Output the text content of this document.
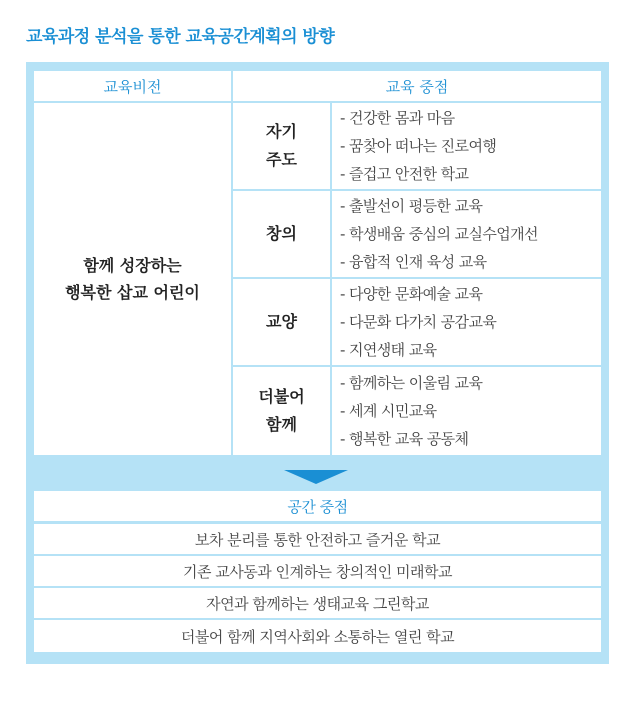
교육과정 분석을 통한 교육공간계획의 방향
교육비전	교육 중점
함께 성장하는
행복한 삽교 어린이
자기
주도
- 건강한 몸과 마음
- 꿈찾아 떠나는 진로여행
- 즐겁고 안전한 학교
창의
- 출발선이 평등한 교육
- 학생배움 중심의 교실수업개선
- 융합적 인재 육성 교육
교양
- 다양한 문화예술 교육
- 다문화 다가치 공감교육
- 지연생태 교육
더불어
함께
- 함께하는 이울림 교육
- 세계 시민교육
- 행복한 교육 공동체
공간 중점
보차 분리를 통한 안전하고 즐거운 학교
기존 교사동과 인계하는 창의적인 미래학교
자연과 함께하는 생태교육 그린학교
더불어 함께 지역사회와 소통하는 열린 학교
